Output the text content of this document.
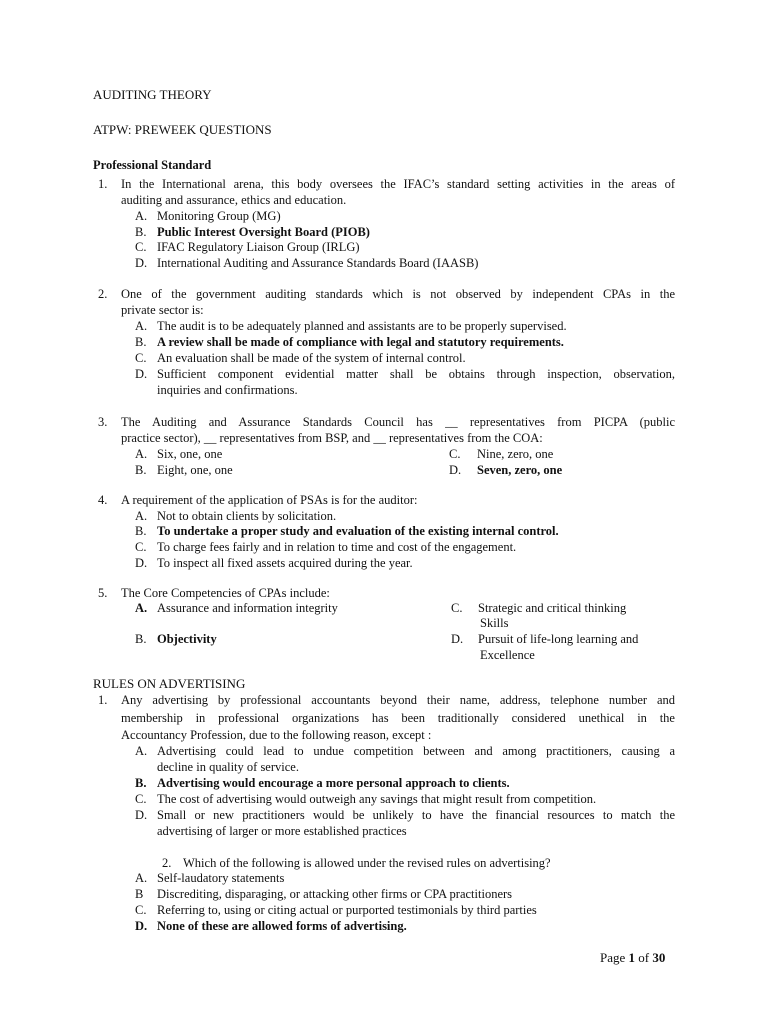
AUDITING THEORY
ATPW: PREWEEK QUESTIONS
Professional Standard
1. In the International arena, this body oversees the IFAC’s standard setting activities in the areas of
auditing and assurance, ethics and education.
A. Monitoring Group (MG)
B. Public Interest Oversight Board (PIOB)
C. IFAC Regulatory Liaison Group (IRLG)
D. International Auditing and Assurance Standards Board (IAASB)
2. One of the government auditing standards which is not observed by independent CPAs in the
private sector is:
A. The audit is to be adequately planned and assistants are to be properly supervised.
B. A review shall be made of compliance with legal and statutory requirements.
C. An evaluation shall be made of the system of internal control.
D. Sufficient component evidential matter shall be obtains through inspection, observation,
inquiries and confirmations.
3. The Auditing and Assurance Standards Council has __ representatives from PICPA (public
practice sector), __ representatives from BSP, and __ representatives from the COA:
A. Six, one, one
B. Eight, one, one
C. Nine, zero, one
D. Seven, zero, one
4. A requirement of the application of PSAs is for the auditor:
A. Not to obtain clients by solicitation.
B. To undertake a proper study and evaluation of the existing internal control.
C. To charge fees fairly and in relation to time and cost of the engagement.
D. To inspect all fixed assets acquired during the year.
5. The Core Competencies of CPAs include:
A. Assurance and information integrity
B. Objectivity
C. Strategic and critical thinking
Skills
D. Pursuit of life-long learning and
Excellence
RULES ON ADVERTISING
1. Any advertising by professional accountants beyond their name, address, telephone number and
membership in professional organizations has been traditionally considered unethical in the
Accountancy Profession, due to the following reason, except :
A. Advertising could lead to undue competition between and among practitioners, causing a
decline in quality of service.
B. Advertising would encourage a more personal approach to clients.
C. The cost of advertising would outweigh any savings that might result from competition.
D. Small or new practitioners would be unlikely to have the financial resources to match the
advertising of larger or more established practices
2. Which of the following is allowed under the revised rules on advertising?
A. Self-laudatory statements
B Discrediting, disparaging, or attacking other firms or CPA practitioners
C. Referring to, using or citing actual or purported testimonials by third parties
D. None of these are allowed forms of advertising.
Page 1 of 30
